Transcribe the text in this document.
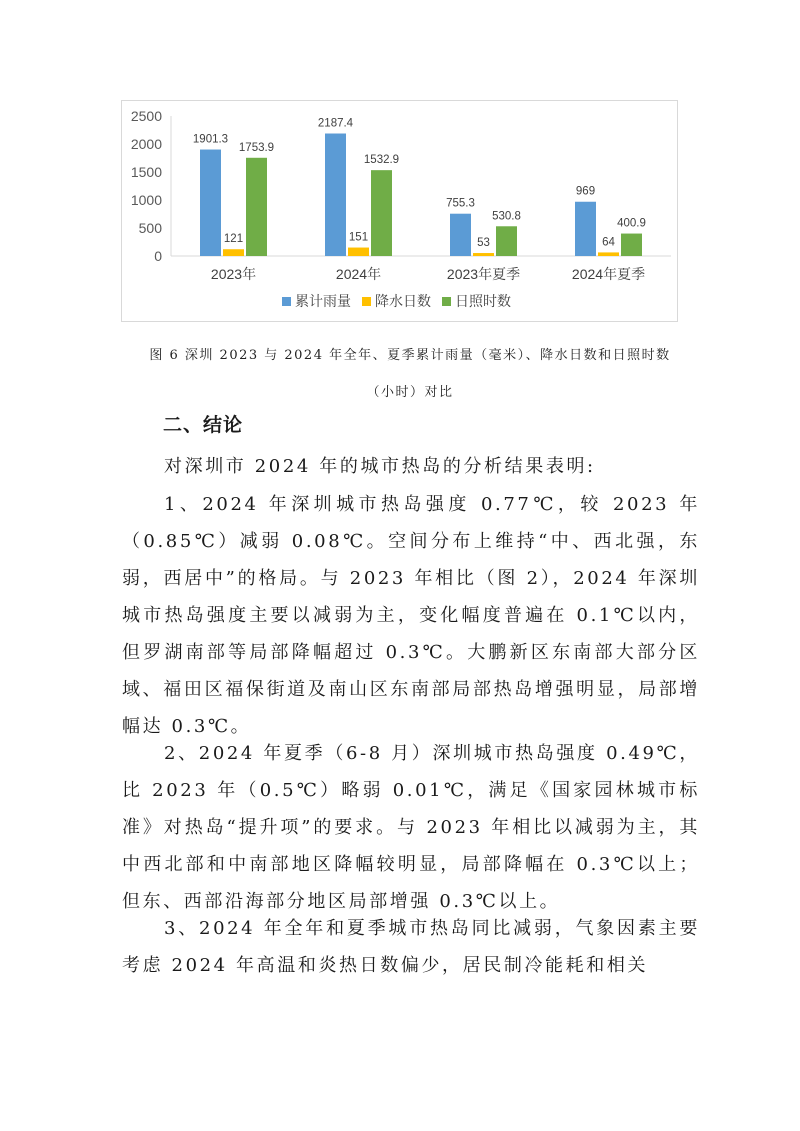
0
500
1000
1500
2000
2500
1901.3
121
1753.9
2023年
2187.4
151
1532.9
2024年
755.3
53
530.8
2023年夏季
969
64
400.9
2024年夏季
累计雨量 降水日数 日照时数
图 6 深圳 2023 与 2024 年全年、夏季累计雨量（毫米）、降水日数和日照时数
（小时）对比
二、结论
对深圳市 2024 年的城市热岛的分析结果表明:
1、2024 年深圳城市热岛强度 0.77℃，较 2023 年（0.85℃）减弱 0.08℃。空间分布上维持“中、西北强，东弱，西居中”的格局。与 2023 年相比（图 2），2024 年深圳城市热岛强度主要以减弱为主，变化幅度普遍在 0.1℃以内，但罗湖南部等局部降幅超过 0.3℃。大鹏新区东南部大部分区域、福田区福保街道及南山区东南部局部热岛增强明显，局部增幅达 0.3℃。
2、2024 年夏季（6-8 月）深圳城市热岛强度 0.49℃，比 2023 年（0.5℃）略弱 0.01℃，满足《国家园林城市标准》对热岛“提升项”的要求。与 2023 年相比以减弱为主，其中西北部和中南部地区降幅较明显，局部降幅在 0.3℃以上；但东、西部沿海部分地区局部增强 0.3℃以上。
3、2024 年全年和夏季城市热岛同比减弱，气象因素主要考虑 2024 年高温和炎热日数偏少，居民制冷能耗和相关
